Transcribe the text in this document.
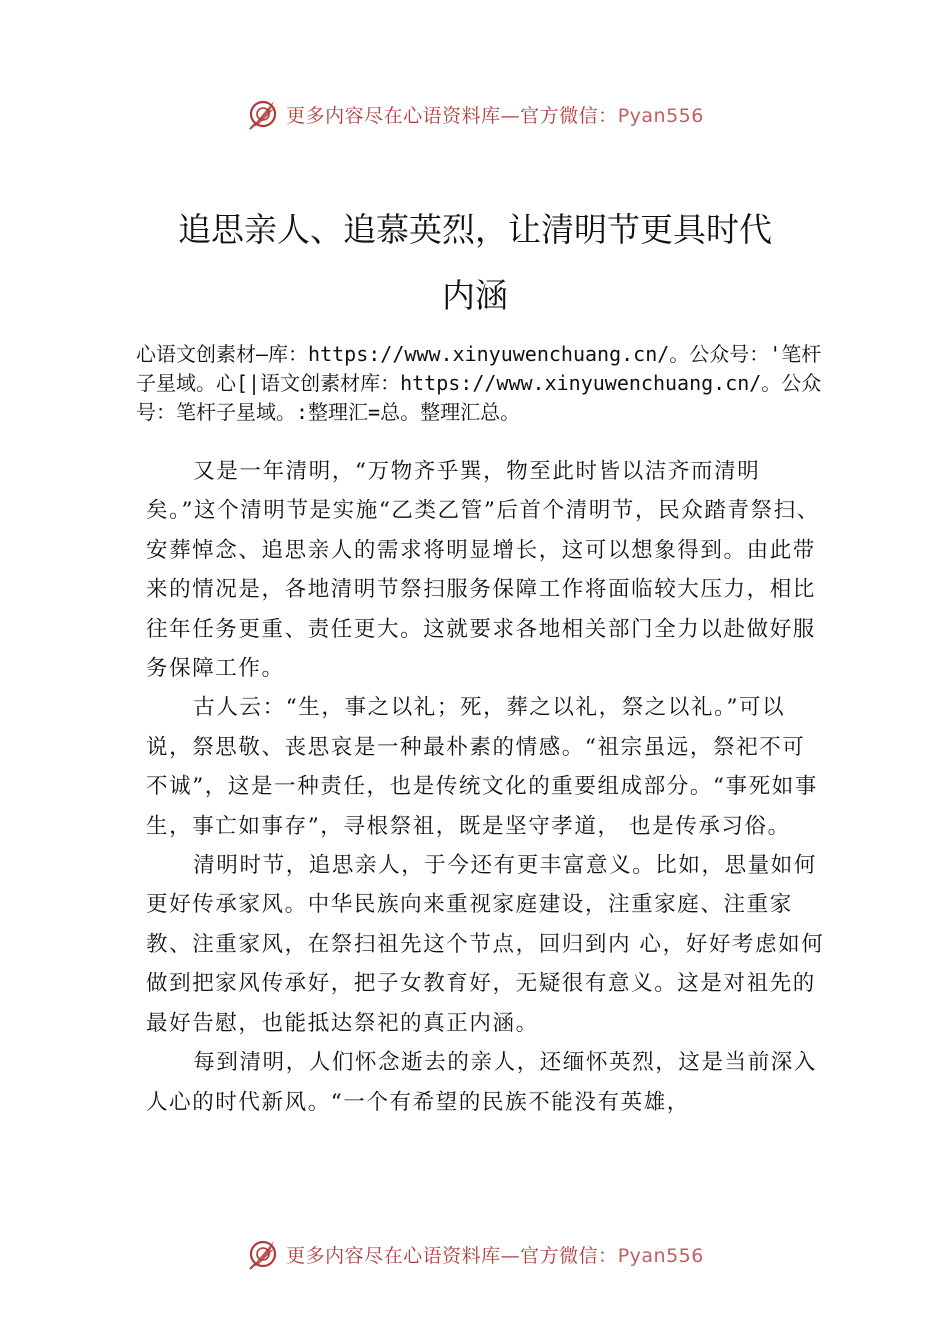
更多内容尽在心语资料库—官方微信：Pyan556
追思亲人、追慕英烈，让清明节更具时代
内涵
心语文创素材—库：https://www.xinyuwenchuang.cn/。公众号：'笔杆子星域。心[|语文创素材库：https://www.xinyuwenchuang.cn/。公众号：笔杆子星域。:整理汇=总。整理汇总。

又是一年清明，“万物齐乎巽，物至此时皆以洁齐而清明矣。”这个清明节是实施“乙类乙管”后首个清明节，民众踏青祭扫、安葬悼念、追思亲人的需求将明显增长，这可以想象得到。由此带来的情况是，各地清明节祭扫服务保障工作将面临较大压力，相比往年任务更重、责任更大。这就要求各地相关部门全力以赴做好服务保障工作。

古人云：“生，事之以礼；死，葬之以礼，祭之以礼。”可以说，祭思敬、丧思哀是一种最朴素的情感。“祖宗虽远，祭祀不可不诚”，这是一种责任，也是传统文化的重要组成部分。“事死如事生，事亡如事存”，寻根祭祖，既是坚守孝道， 也是传承习俗。

清明时节，追思亲人，于今还有更丰富意义。比如，思量如何更好传承家风。中华民族向来重视家庭建设，注重家庭、注重家教、注重家风，在祭扫祖先这个节点，回归到内 心，好好考虑如何做到把家风传承好，把子女教育好，无疑很有意义。这是对祖先的最好告慰，也能抵达祭祀的真正内涵。

每到清明，人们怀念逝去的亲人，还缅怀英烈，这是当前深入人心的时代新风。“一个有希望的民族不能没有英雄，

更多内容尽在心语资料库—官方微信：Pyan556
